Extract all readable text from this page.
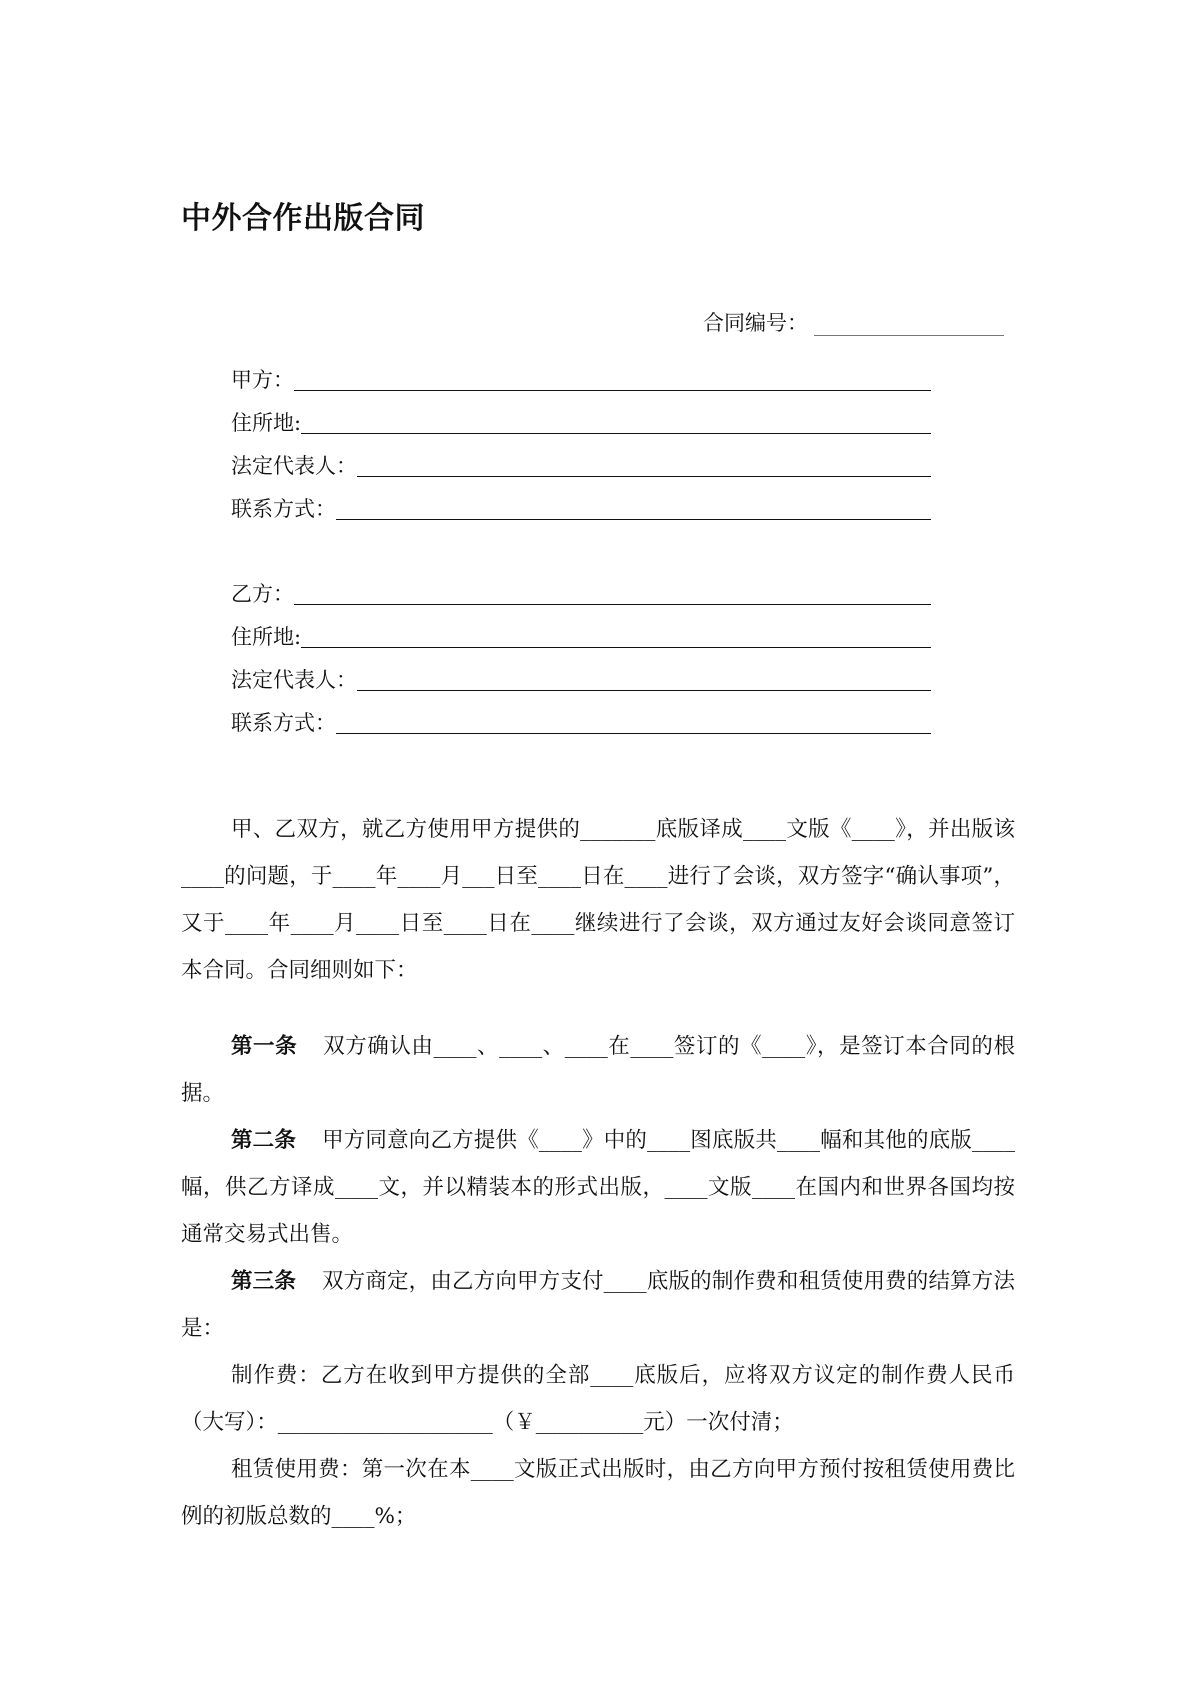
中外合作出版合同
合同编号：
甲方：
住所地:
法定代表人：
联系方式：
乙方：
住所地:
法定代表人：
联系方式：

甲、乙双方，就乙方使用甲方提供的_______底版译成____文版《____》，并出版该____的问题，于____年____月___日至____日在____进行了会谈，双方签字“确认事项”，又于____年____月____日至____日在____继续进行了会谈，双方通过友好会谈同意签订本合同。合同细则如下：

第一条 双方确认由____、____、____在____签订的《____》，是签订本合同的根据。

第二条 甲方同意向乙方提供《____》中的____图底版共____幅和其他的底版____幅，供乙方译成____文，并以精装本的形式出版，____文版____在国内和世界各国均按通常交易式出售。

第三条 双方商定，由乙方向甲方支付____底版的制作费和租赁使用费的结算方法是：

制作费：乙方在收到甲方提供的全部____底版后，应将双方议定的制作费人民币（大写）：____________________（￥__________元）一次付清；

租赁使用费：第一次在本____文版正式出版时，由乙方向甲方预付按租赁使用费比例的初版总数的____%；
